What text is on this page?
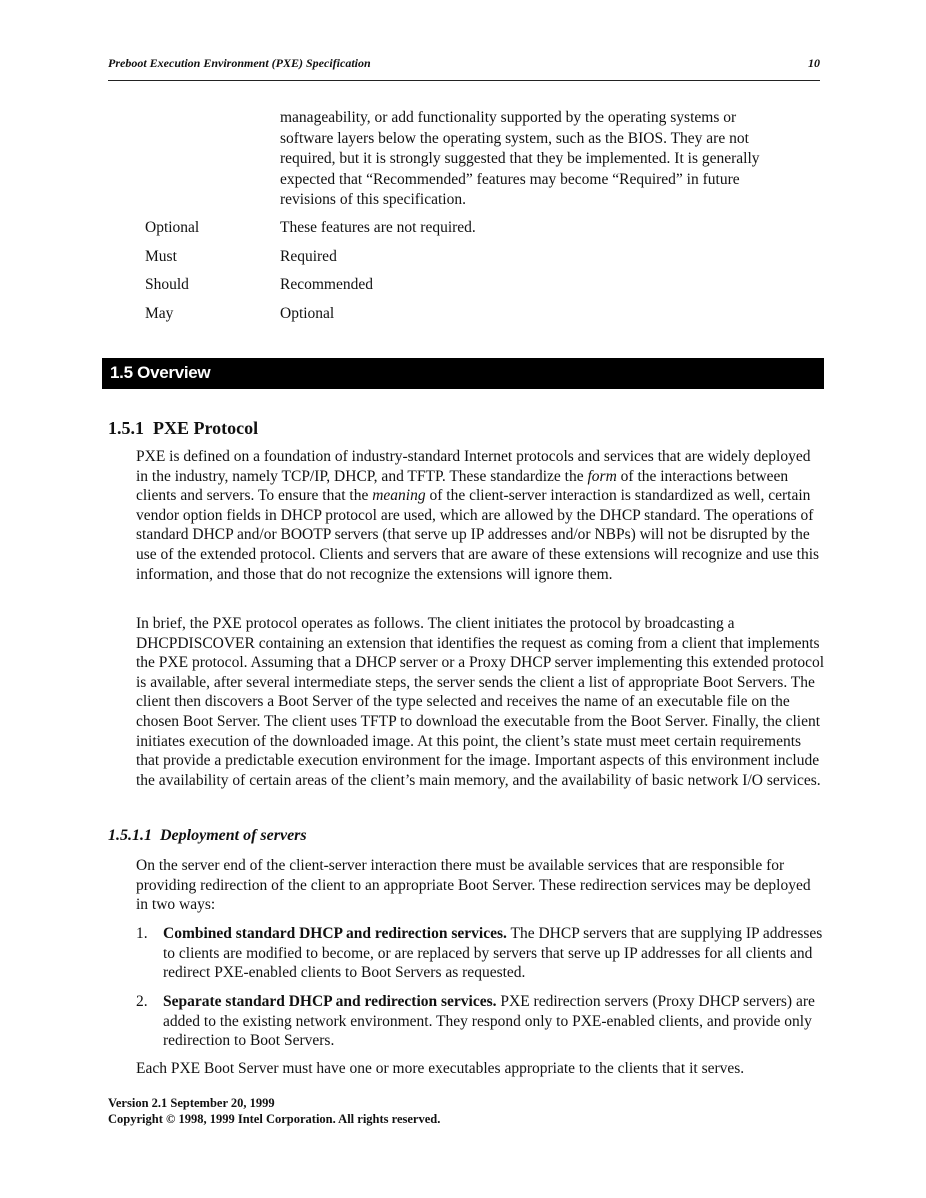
Preboot Execution Environment (PXE) Specification	10
manageability, or add functionality supported by the operating systems or software layers below the operating system, such as the BIOS. They are not required, but it is strongly suggested that they be implemented. It is generally expected that “Recommended” features may become “Required” in future revisions of this specification.
Optional	These features are not required.
Must	Required
Should	Recommended
May	Optional
1.5 Overview
1.5.1 PXE Protocol
PXE is defined on a foundation of industry-standard Internet protocols and services that are widely deployed in the industry, namely TCP/IP, DHCP, and TFTP. These standardize the form of the interactions between clients and servers. To ensure that the meaning of the client-server interaction is standardized as well, certain vendor option fields in DHCP protocol are used, which are allowed by the DHCP standard. The operations of standard DHCP and/or BOOTP servers (that serve up IP addresses and/or NBPs) will not be disrupted by the use of the extended protocol. Clients and servers that are aware of these extensions will recognize and use this information, and those that do not recognize the extensions will ignore them.
In brief, the PXE protocol operates as follows. The client initiates the protocol by broadcasting a DHCPDISCOVER containing an extension that identifies the request as coming from a client that implements the PXE protocol. Assuming that a DHCP server or a Proxy DHCP server implementing this extended protocol is available, after several intermediate steps, the server sends the client a list of appropriate Boot Servers. The client then discovers a Boot Server of the type selected and receives the name of an executable file on the chosen Boot Server. The client uses TFTP to download the executable from the Boot Server. Finally, the client initiates execution of the downloaded image. At this point, the client’s state must meet certain requirements that provide a predictable execution environment for the image. Important aspects of this environment include the availability of certain areas of the client’s main memory, and the availability of basic network I/O services.
1.5.1.1 Deployment of servers
On the server end of the client-server interaction there must be available services that are responsible for providing redirection of the client to an appropriate Boot Server. These redirection services may be deployed in two ways:
1. Combined standard DHCP and redirection services. The DHCP servers that are supplying IP addresses to clients are modified to become, or are replaced by servers that serve up IP addresses for all clients and redirect PXE-enabled clients to Boot Servers as requested.
2. Separate standard DHCP and redirection services. PXE redirection servers (Proxy DHCP servers) are added to the existing network environment. They respond only to PXE-enabled clients, and provide only redirection to Boot Servers.
Each PXE Boot Server must have one or more executables appropriate to the clients that it serves.
Version 2.1 September 20, 1999
Copyright © 1998, 1999 Intel Corporation. All rights reserved.
